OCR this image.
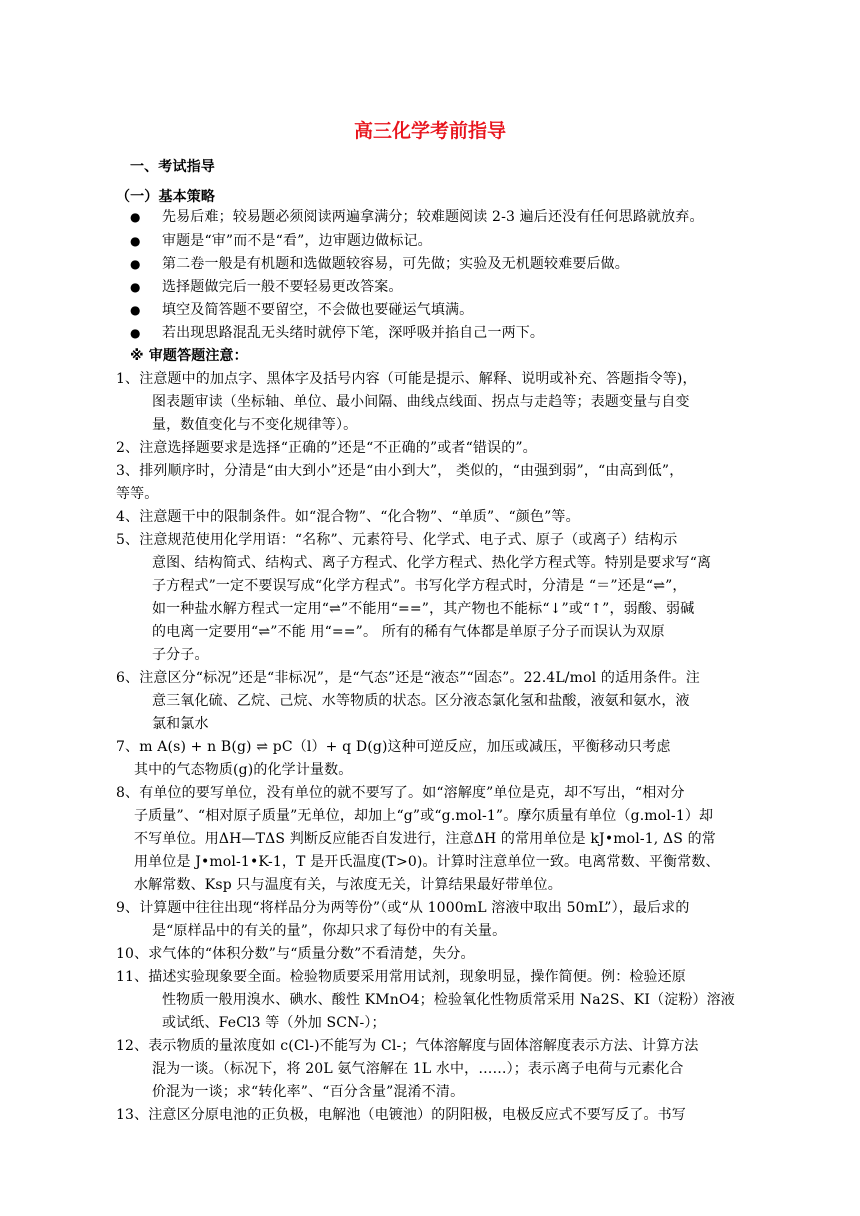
高三化学考前指导
一、考试指导
（一）基本策略
● 先易后难；较易题必须阅读两遍拿满分；较难题阅读 2-3 遍后还没有任何思路就放弃。
● 审题是“审”而不是“看”，边审题边做标记。
● 第二卷一般是有机题和选做题较容易，可先做；实验及无机题较难要后做。
● 选择题做完后一般不要轻易更改答案。
● 填空及简答题不要留空，不会做也要碰运气填满。
● 若出现思路混乱无头绪时就停下笔，深呼吸并掐自己一两下。
※ 审题答题注意：
1、注意题中的加点字、黑体字及括号内容（可能是提示、解释、说明或补充、答题指令等)，
图表题审读（坐标轴、单位、最小间隔、曲线点线面、拐点与走趋等；表题变量与自变
量，数值变化与不变化规律等）。
2、注意选择题要求是选择“正确的”还是“不正确的”或者“错误的”。
3、排列顺序时，分清是“由大到小”还是“由小到大”， 类似的，“由强到弱”，“由高到低”，
等等。
4、注意题干中的限制条件。如“混合物”、“化合物”、“单质”、“颜色”等。
5、注意规范使用化学用语：“名称”、元素符号、化学式、电子式、原子（或离子）结构示
意图、结构简式、结构式、离子方程式、化学方程式、热化学方程式等。特别是要求写“离
子方程式”一定不要误写成“化学方程式”。书写化学方程式时，分清是 “＝”还是“⇌”，
如一种盐水解方程式一定用“⇌”不能用“==”，其产物也不能标“↓”或“↑”，弱酸、弱碱
的电离一定要用“⇌”不能 用“==”。 所有的稀有气体都是单原子分子而误认为双原
子分子。
6、注意区分“标况”还是“非标况”，是“气态”还是“液态”“固态”。22.4L/mol 的适用条件。注
意三氧化硫、乙烷、己烷、水等物质的状态。区分液态氯化氢和盐酸，液氨和氨水，液
氯和氯水
7、m A(s) + n B(g) ⇌ pC（l）+ q D(g)这种可逆反应，加压或减压，平衡移动只考虑
其中的气态物质(g)的化学计量数。
8、有单位的要写单位，没有单位的就不要写了。如“溶解度”单位是克，却不写出，“相对分
子质量”、“相对原子质量”无单位，却加上“g”或“g.mol-1”。摩尔质量有单位（g.mol-1）却
不写单位。用ΔH—TΔS 判断反应能否自发进行，注意ΔH 的常用单位是 kJ•mol-1, ΔS 的常
用单位是 J•mol-1•K-1，T 是开氏温度(T>0)。计算时注意单位一致。电离常数、平衡常数、
水解常数、Ksp 只与温度有关，与浓度无关，计算结果最好带单位。
9、计算题中往往出现“将样品分为两等份”（或“从 1000mL 溶液中取出 50mL”），最后求的
是“原样品中的有关的量”，你却只求了每份中的有关量。
10、求气体的“体积分数”与“质量分数”不看清楚，失分。
11、描述实验现象要全面。检验物质要采用常用试剂，现象明显，操作简便。例：检验还原
性物质一般用溴水、碘水、酸性 KMnO4；检验氧化性物质常采用 Na2S、KI（淀粉）溶液
或试纸、FeCl3 等（外加 SCN-）；
12、表示物质的量浓度如 c(Cl-)不能写为 Cl-；气体溶解度与固体溶解度表示方法、计算方法
混为一谈。（标况下，将 20L 氨气溶解在 1L 水中，……）；表示离子电荷与元素化合
价混为一谈；求“转化率”、“百分含量”混淆不清。
13、注意区分原电池的正负极，电解池（电镀池）的阴阳极，电极反应式不要写反了。书写
